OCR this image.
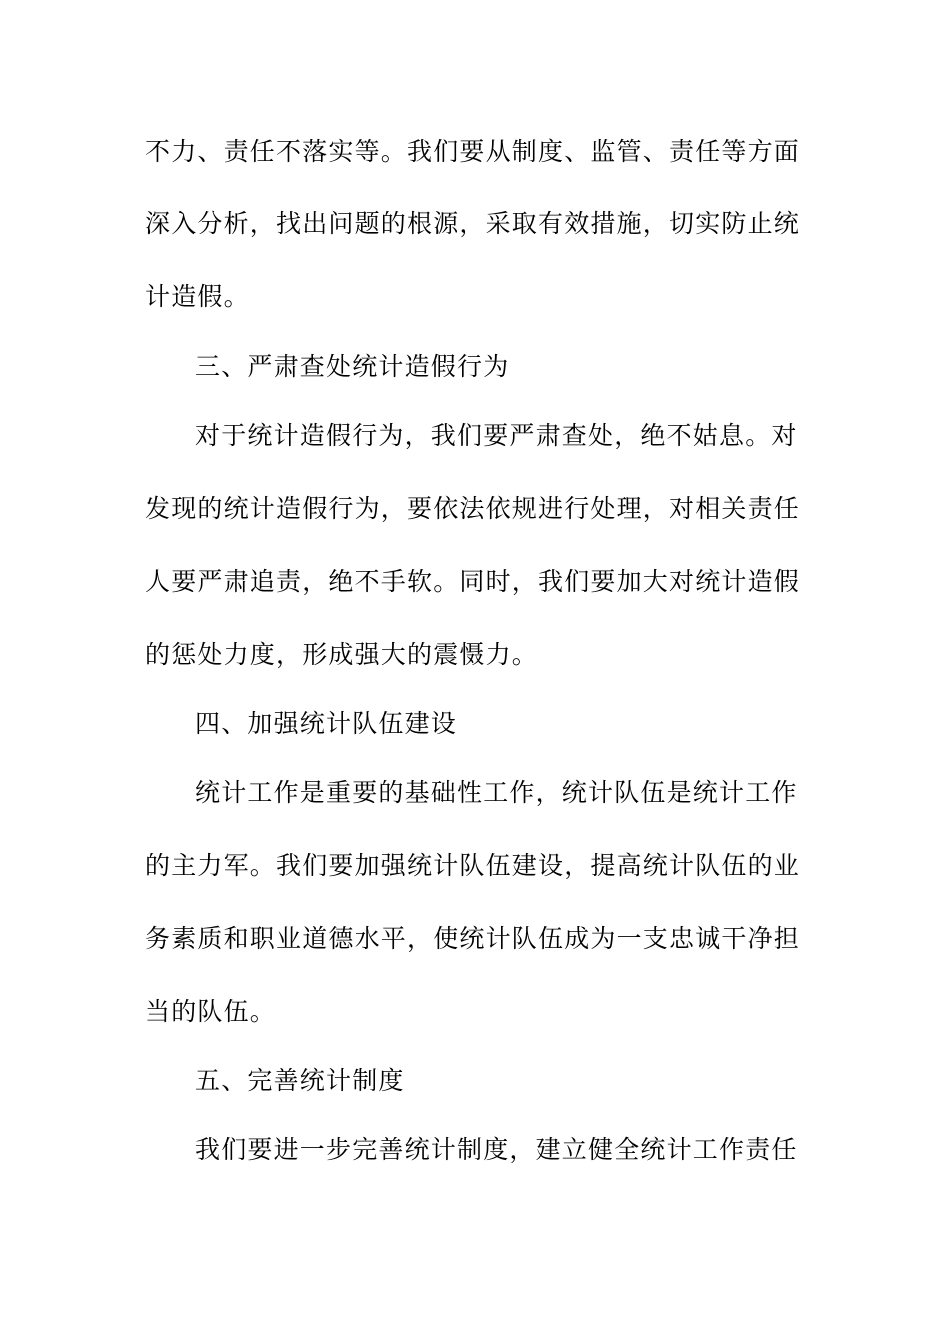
不力、责任不落实等。我们要从制度、监管、责任等方面
深入分析，找出问题的根源，采取有效措施，切实防止统
计造假。
三、严肃查处统计造假行为
对于统计造假行为，我们要严肃查处，绝不姑息。对
发现的统计造假行为，要依法依规进行处理，对相关责任
人要严肃追责，绝不手软。同时，我们要加大对统计造假
的惩处力度，形成强大的震慑力。
四、加强统计队伍建设
统计工作是重要的基础性工作，统计队伍是统计工作
的主力军。我们要加强统计队伍建设，提高统计队伍的业
务素质和职业道德水平，使统计队伍成为一支忠诚干净担
当的队伍。
五、完善统计制度
我们要进一步完善统计制度，建立健全统计工作责任
